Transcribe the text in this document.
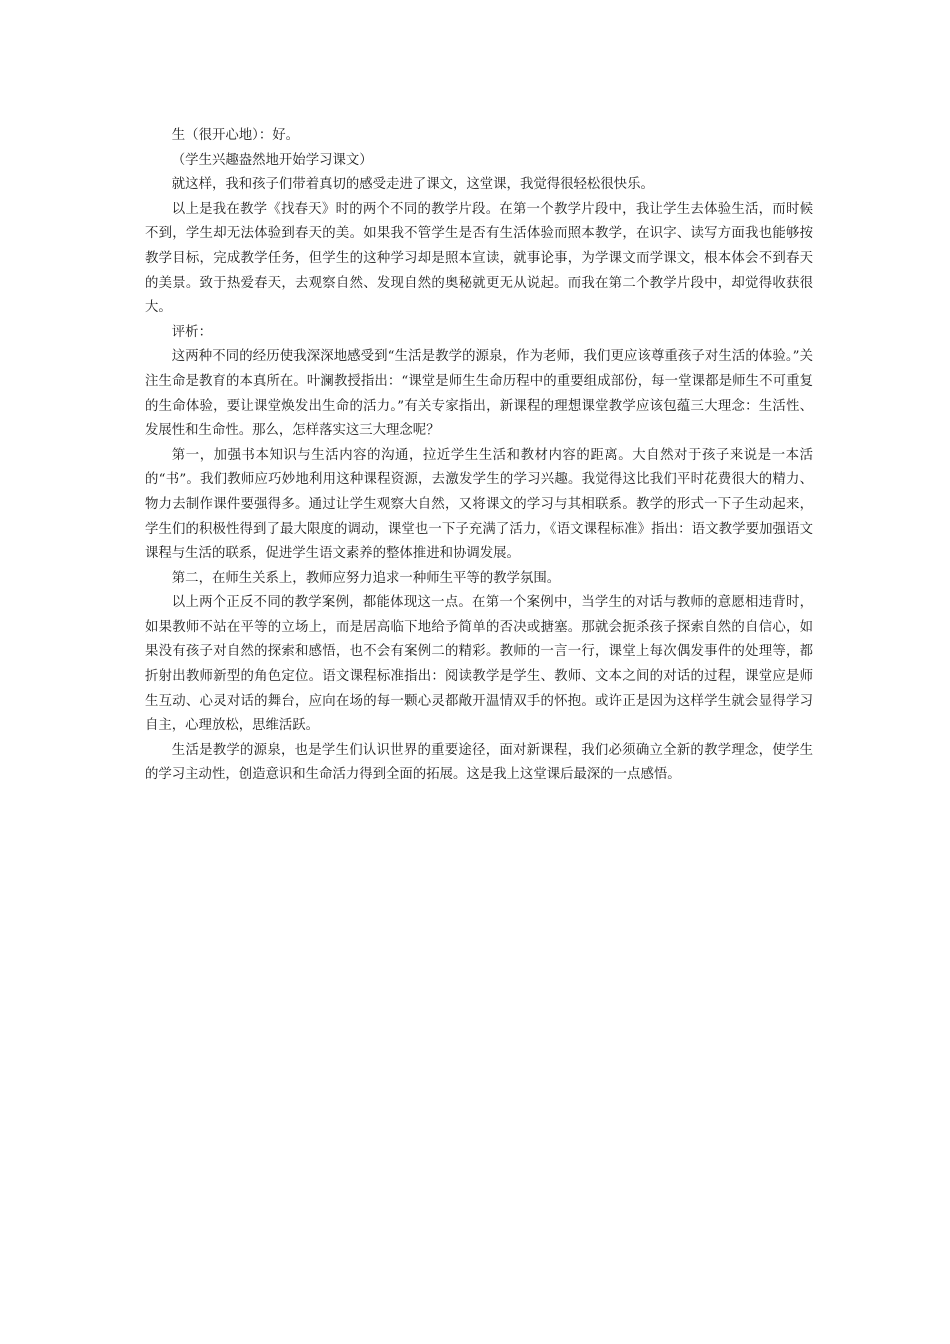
生（很开心地）：好。

（学生兴趣盎然地开始学习课文）

就这样，我和孩子们带着真切的感受走进了课文，这堂课，我觉得很轻松很快乐。

以上是我在教学《找春天》时的两个不同的教学片段。在第一个教学片段中，我让学生去体验生活，而时候不到，学生却无法体验到春天的美。如果我不管学生是否有生活体验而照本教学，在识字、读写方面我也能够按教学目标，完成教学任务，但学生的这种学习却是照本宣读，就事论事，为学课文而学课文，根本体会不到春天的美景。致于热爱春天，去观察自然、发现自然的奥秘就更无从说起。而我在第二个教学片段中，却觉得收获很大。

评析：

这两种不同的经历使我深深地感受到“生活是教学的源泉，作为老师，我们更应该尊重孩子对生活的体验。”关注生命是教育的本真所在。叶澜教授指出：“课堂是师生生命历程中的重要组成部份，每一堂课都是师生不可重复的生命体验，要让课堂焕发出生命的活力。”有关专家指出，新课程的理想课堂教学应该包蕴三大理念：生活性、发展性和生命性。那么，怎样落实这三大理念呢？

第一，加强书本知识与生活内容的沟通，拉近学生生活和教材内容的距离。大自然对于孩子来说是一本活的“书”。我们教师应巧妙地利用这种课程资源，去激发学生的学习兴趣。我觉得这比我们平时花费很大的精力、物力去制作课件要强得多。通过让学生观察大自然，又将课文的学习与其相联系。教学的形式一下子生动起来，学生们的积极性得到了最大限度的调动，课堂也一下子充满了活力，《语文课程标准》指出：语文教学要加强语文课程与生活的联系，促进学生语文素养的整体推进和协调发展。

第二，在师生关系上，教师应努力追求一种师生平等的教学氛围。

以上两个正反不同的教学案例，都能体现这一点。在第一个案例中，当学生的对话与教师的意愿相违背时，如果教师不站在平等的立场上，而是居高临下地给予简单的否决或搪塞。那就会扼杀孩子探索自然的自信心，如果没有孩子对自然的探索和感悟，也不会有案例二的精彩。教师的一言一行，课堂上每次偶发事件的处理等，都折射出教师新型的角色定位。语文课程标准指出：阅读教学是学生、教师、文本之间的对话的过程，课堂应是师生互动、心灵对话的舞台，应向在场的每一颗心灵都敞开温情双手的怀抱。或许正是因为这样学生就会显得学习自主，心理放松，思维活跃。

生活是教学的源泉，也是学生们认识世界的重要途径，面对新课程，我们必须确立全新的教学理念，使学生的学习主动性，创造意识和生命活力得到全面的拓展。这是我上这堂课后最深的一点感悟。
